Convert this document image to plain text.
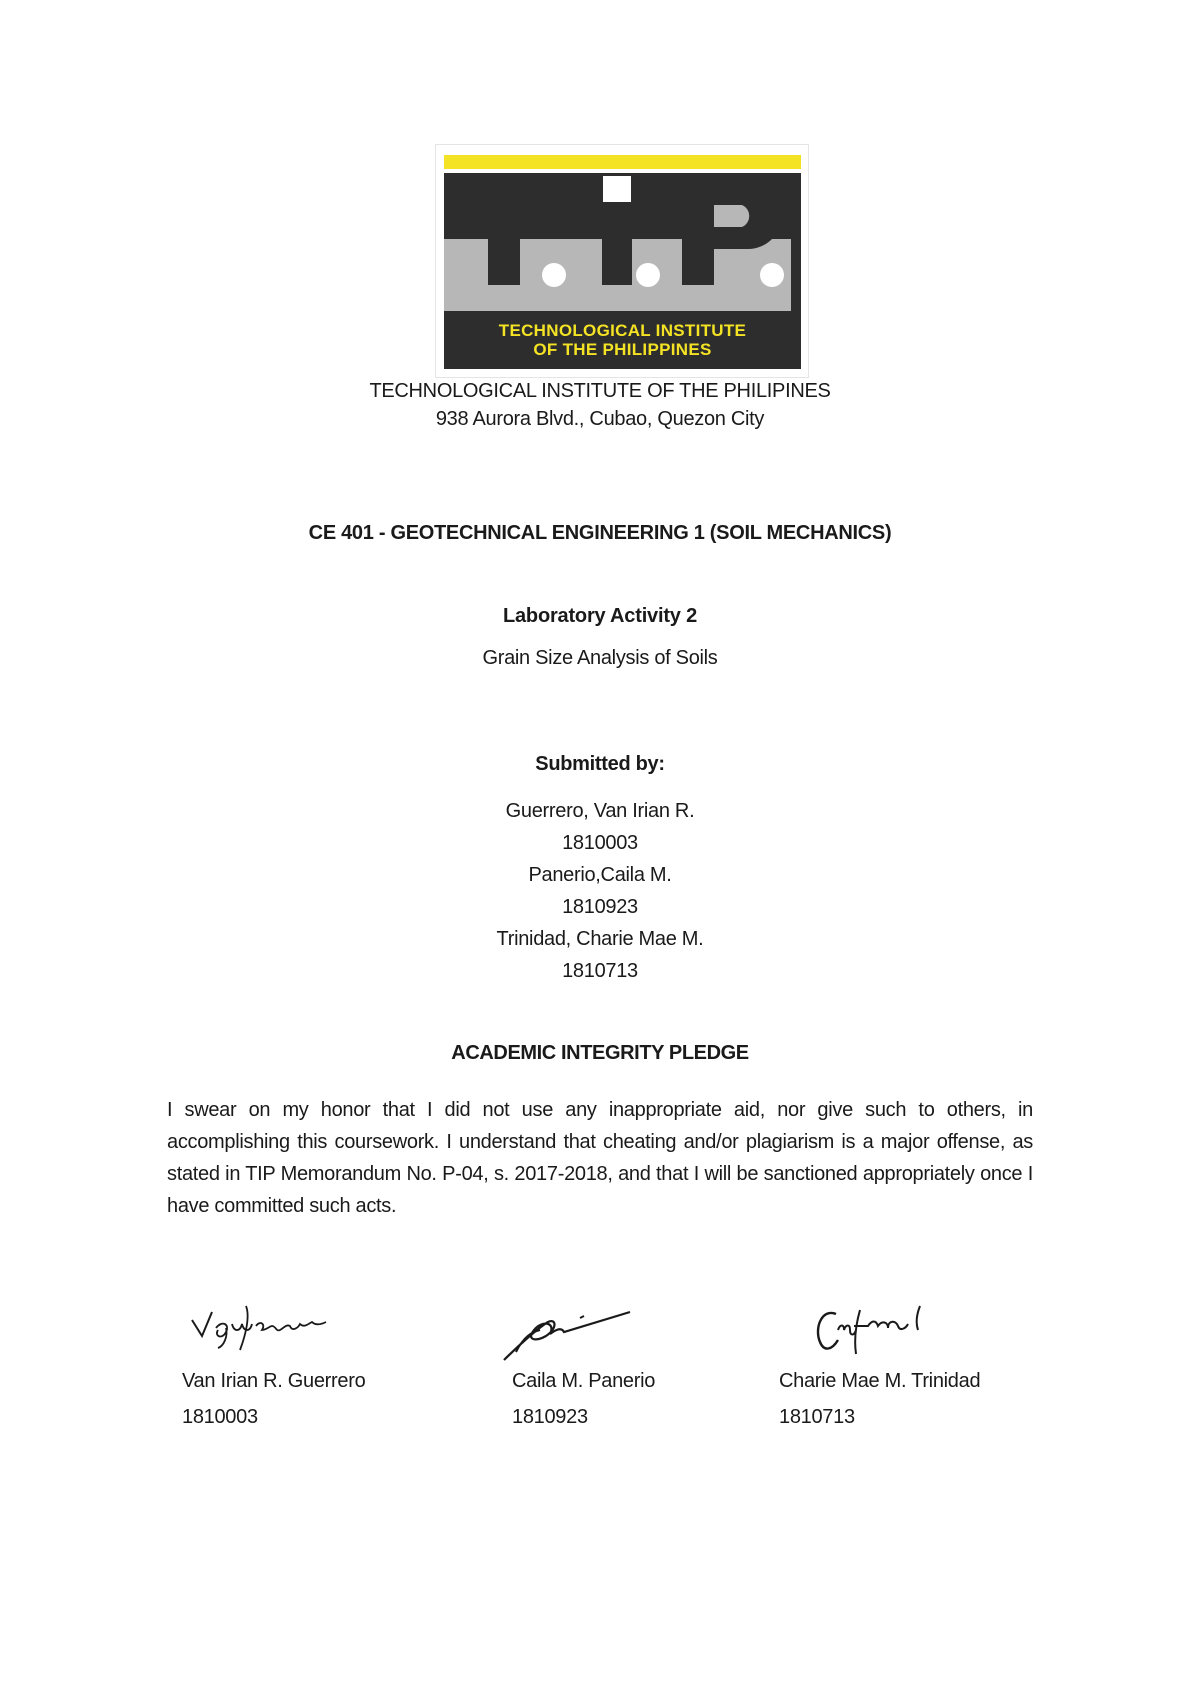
TECHNOLOGICAL INSTITUTE
OF THE PHILIPPINES
TECHNOLOGICAL INSTITUTE OF THE PHILIPINES
938 Aurora Blvd., Cubao, Quezon City
CE 401 - GEOTECHNICAL ENGINEERING 1 (SOIL MECHANICS)
Laboratory Activity 2
Grain Size Analysis of Soils
Submitted by:
Guerrero, Van Irian R.
1810003
Panerio,Caila M.
1810923
Trinidad, Charie Mae M.
1810713
ACADEMIC INTEGRITY PLEDGE
I swear on my honor that I did not use any inappropriate aid, nor give such to others, in accomplishing this coursework. I understand that cheating and/or plagiarism is a major offense, as stated in TIP Memorandum No. P-04, s. 2017-2018, and that I will be sanctioned appropriately once I have committed such acts.
Van Irian R. Guerrero
1810003
Caila M. Panerio
1810923
Charie Mae M. Trinidad
1810713
